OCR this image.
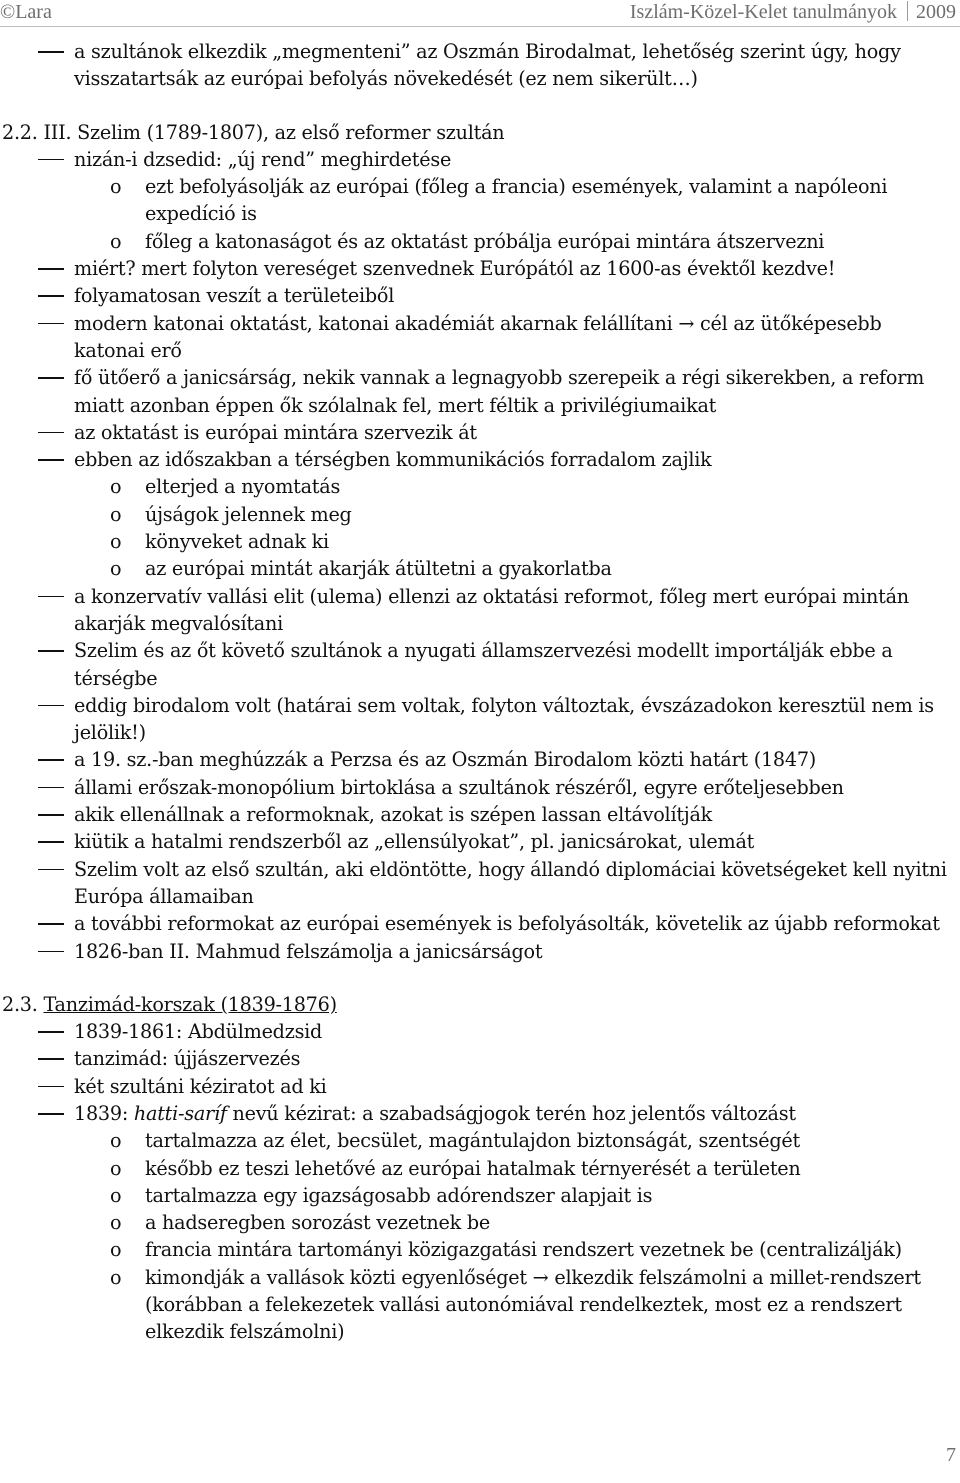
©Lara	Iszlám-Közel-Kelet tanulmányok 2009
a szultánok elkezdik „megmenteni” az Oszmán Birodalmat, lehetőség szerint úgy, hogy visszatartsák az európai befolyás növekedését (ez nem sikerült…)
2.2. III. Szelim (1789-1807), az első reformer szultán
nizán-i dzsedid: „új rend” meghirdetése
o ezt befolyásolják az európai (főleg a francia) események, valamint a napóleoni expedíció is
o főleg a katonaságot és az oktatást próbálja európai mintára átszervezni
miért? mert folyton vereséget szenvednek Európától az 1600-as évektől kezdve!
folyamatosan veszít a területeiből
modern katonai oktatást, katonai akadémiát akarnak felállítani → cél az ütőképesebb katonai erő
fő ütőerő a janicsárság, nekik vannak a legnagyobb szerepeik a régi sikerekben, a reform miatt azonban éppen ők szólalnak fel, mert féltik a privilégiumaikat
az oktatást is európai mintára szervezik át
ebben az időszakban a térségben kommunikációs forradalom zajlik
o elterjed a nyomtatás
o újságok jelennek meg
o könyveket adnak ki
o az európai mintát akarják átültetni a gyakorlatba
a konzervatív vallási elit (ulema) ellenzi az oktatási reformot, főleg mert európai mintán akarják megvalósítani
Szelim és az őt követő szultánok a nyugati államszervezési modellt importálják ebbe a térségbe
eddig birodalom volt (határai sem voltak, folyton változtak, évszázadokon keresztül nem is jelölik!)
a 19. sz.-ban meghúzzák a Perzsa és az Oszmán Birodalom közti határt (1847)
állami erőszak-monopólium birtoklása a szultánok részéről, egyre erőteljesebben
akik ellenállnak a reformoknak, azokat is szépen lassan eltávolítják
kiütik a hatalmi rendszerből az „ellensúlyokat”, pl. janicsárokat, ulemát
Szelim volt az első szultán, aki eldöntötte, hogy állandó diplomáciai követségeket kell nyitni Európa államaiban
a további reformokat az európai események is befolyásolták, követelik az újabb reformokat
1826-ban II. Mahmud felszámolja a janicsárságot
2.3. Tanzimád-korszak (1839-1876)
1839-1861: Abdülmedzsid
tanzimád: újjászervezés
két szultáni kéziratot ad ki
1839: hatti-saríf nevű kézirat: a szabadságjogok terén hoz jelentős változást
o tartalmazza az élet, becsület, magántulajdon biztonságát, szentségét
o később ez teszi lehetővé az európai hatalmak térnyerését a területen
o tartalmazza egy igazságosabb adórendszer alapjait is
o a hadseregben sorozást vezetnek be
o francia mintára tartományi közigazgatási rendszert vezetnek be (centralizálják)
o kimondják a vallások közti egyenlőséget → elkezdik felszámolni a millet-rendszert (korábban a felekezetek vallási autonómiával rendelkeztek, most ez a rendszert elkezdik felszámolni)
7
